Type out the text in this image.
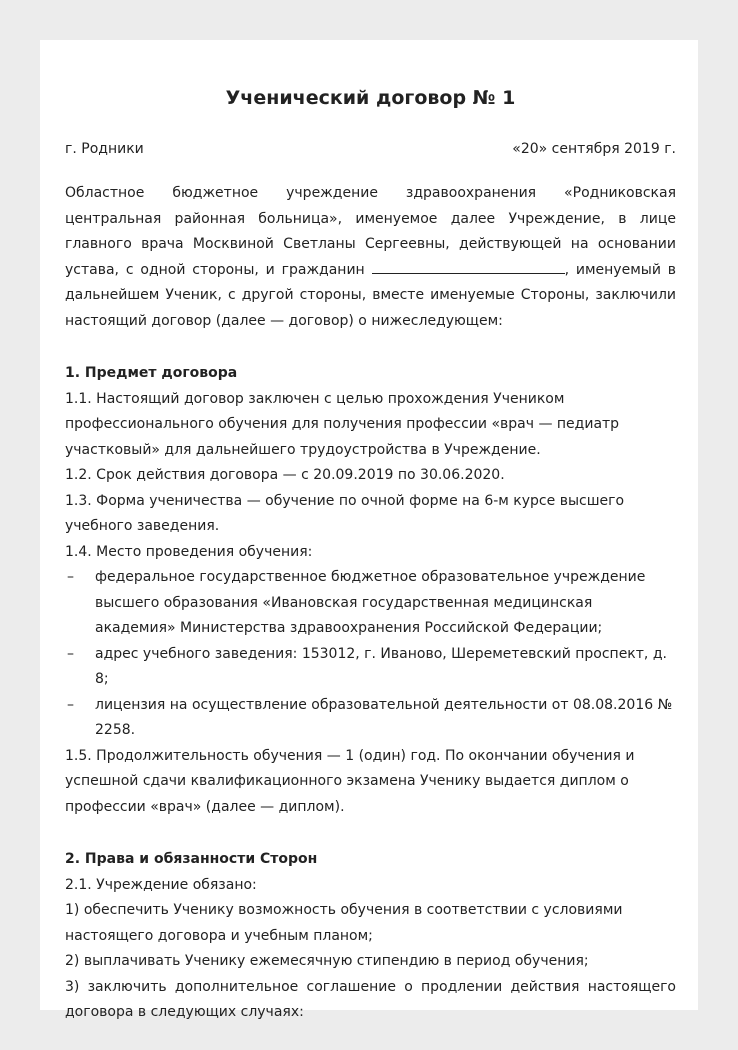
Ученический договор № 1
г. Родники	«20» сентября 2019 г.
Областное бюджетное учреждение здравоохранения «Родниковская центральная районная больница», именуемое далее Учреждение, в лице главного врача Москвиной Светланы Сергеевны, действующей на основании устава, с одной стороны, и гражданин	, именуемый в дальнейшем Ученик, с другой стороны, вместе именуемые Стороны, заключили настоящий договор (далее — договор) о нижеследующем:
1. Предмет договора
1.1. Настоящий договор заключен с целью прохождения Учеником профессионального обучения для получения профессии «врач — педиатр участковый» для дальнейшего трудоустройства в Учреждение.
1.2. Срок действия договора — с 20.09.2019 по 30.06.2020.
1.3. Форма ученичества — обучение по очной форме на 6-м курсе высшего учебного заведения.
1.4. Место проведения обучения:
–	федеральное государственное бюджетное образовательное учреждение высшего образования «Ивановская государственная медицинская академия» Министерства здравоохранения Российской Федерации;
–	адрес учебного заведения: 153012, г. Иваново, Шереметевский проспект, д. 8;
–	лицензия на осуществление образовательной деятельности от 08.08.2016 № 2258.
1.5. Продолжительность обучения — 1 (один) год. По окончании обучения и успешной сдачи квалификационного экзамена Ученику выдается диплом о профессии «врач» (далее — диплом).
2. Права и обязанности Сторон
2.1. Учреждение обязано:
1) обеспечить Ученику возможность обучения в соответствии с условиями настоящего договора и учебным планом;
2) выплачивать Ученику ежемесячную стипендию в период обучения;
3) заключить дополнительное соглашение о продлении действия настоящего договора в следующих случаях:
